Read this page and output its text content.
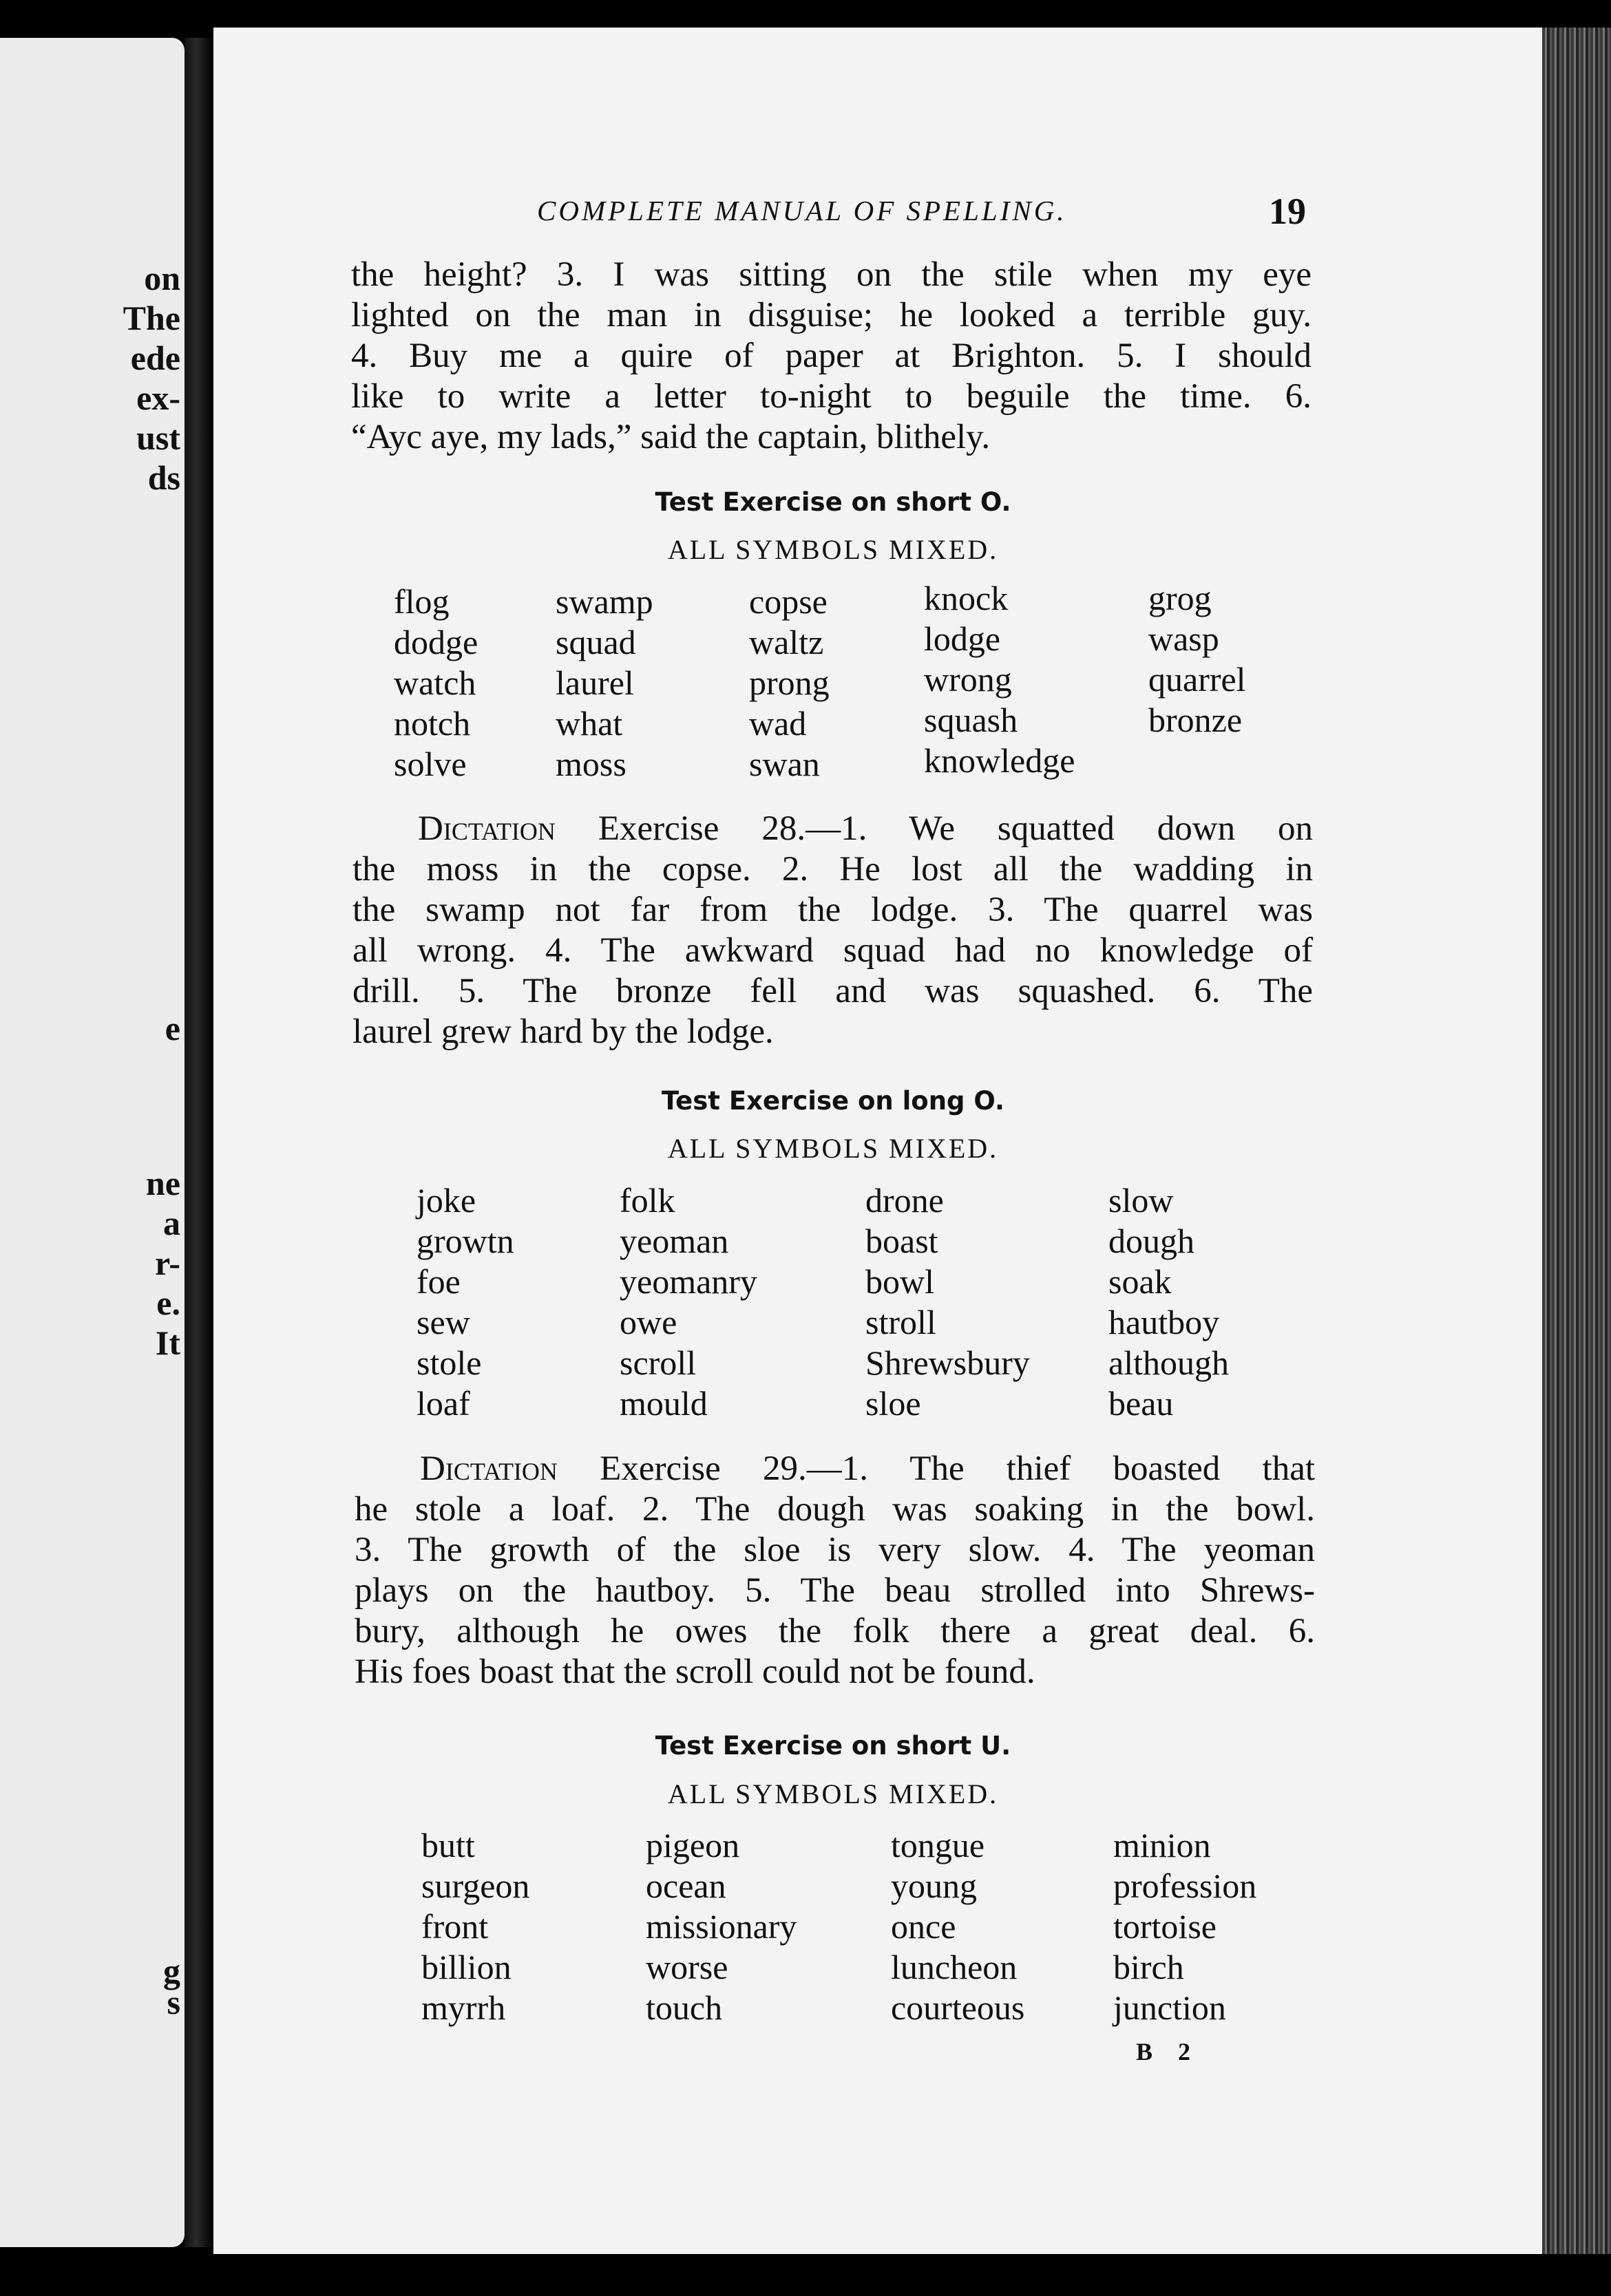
on
The
ede
ex-
ust
ds
e
ne
a
r-
e.
It
g
s
COMPLETE MANUAL OF SPELLING.	19
the height? 3. I was sitting on the stile when my eye
lighted on the man in disguise; he looked a terrible guy.
4. Buy me a quire of paper at Brighton. 5. I should
like to write a letter to-night to beguile the time. 6.
“Ayc aye, my lads,” said the captain, blithely.
Test Exercise on short O.
ALL SYMBOLS MIXED.
flog
dodge
watch
notch
solve
swamp
squad
laurel
what
moss
copse
waltz
prong
wad
swan
knock
lodge
wrong
squash
knowledge
grog
wasp
quarrel
bronze
Dictation Exercise 28.—1. We squatted down on
the moss in the copse. 2. He lost all the wadding in
the swamp not far from the lodge. 3. The quarrel was
all wrong. 4. The awkward squad had no knowledge of
drill. 5. The bronze fell and was squashed. 6. The
laurel grew hard by the lodge.
Test Exercise on long O.
ALL SYMBOLS MIXED.
joke
growtn
foe
sew
stole
loaf
folk
yeoman
yeomanry
owe
scroll
mould
drone
boast
bowl
stroll
Shrewsbury
sloe
slow
dough
soak
hautboy
although
beau
Dictation Exercise 29.—1. The thief boasted that
he stole a loaf. 2. The dough was soaking in the bowl.
3. The growth of the sloe is very slow. 4. The yeoman
plays on the hautboy. 5. The beau strolled into Shrews-
bury, although he owes the folk there a great deal. 6.
His foes boast that the scroll could not be found.
Test Exercise on short U.
ALL SYMBOLS MIXED.
butt
surgeon
front
billion
myrrh
pigeon
ocean
missionary
worse
touch
tongue
young
once
luncheon
courteous
minion
profession
tortoise
birch
junction
B 2
